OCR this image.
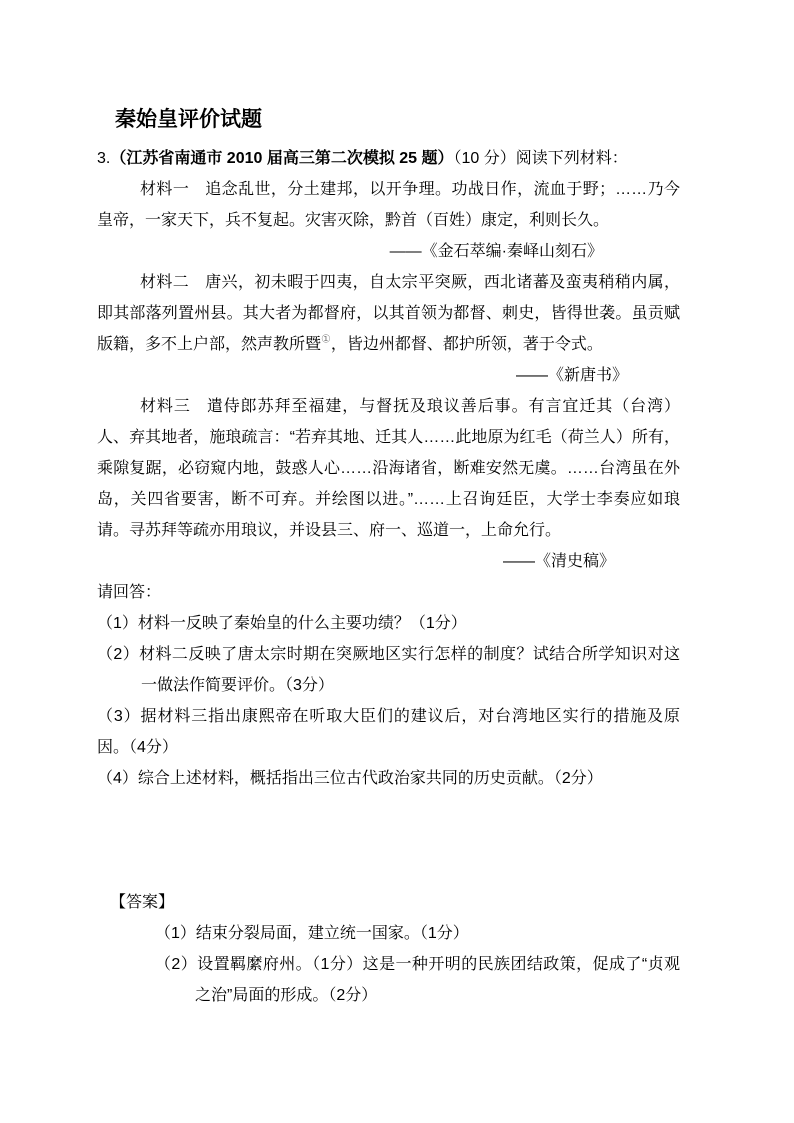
秦始皇评价试题

3.（江苏省南通市 2010 届高三第二次模拟 25 题）（10 分）阅读下列材料：

材料一 追念乱世，分土建邦，以开争理。功战日作，流血于野；……乃今皇帝，一家天下，兵不复起。灾害灭除，黔首（百姓）康定，利则长久。

——《金石萃编·秦峄山刻石》

材料二 唐兴，初未暇于四夷，自太宗平突厥，西北诸蕃及蛮夷稍稍内属，即其部落列置州县。其大者为都督府，以其首领为都督、刺史，皆得世袭。虽贡赋版籍，多不上户部，然声教所暨①，皆边州都督、都护所领，著于令式。

——《新唐书》

材料三 遣侍郎苏拜至福建，与督抚及琅议善后事。有言宜迁其（台湾）人、弃其地者，施琅疏言：“若弃其地、迁其人……此地原为红毛（荷兰人）所有，乘隙复踞，必窃窥内地，鼓惑人心……沿海诸省，断难安然无虞。……台湾虽在外岛，关四省要害，断不可弃。并绘图以进。”……上召询廷臣，大学士李奏应如琅请。寻苏拜等疏亦用琅议，并设县三、府一、巡道一，上命允行。

——《清史稿》

请回答：

（1）材料一反映了秦始皇的什么主要功绩？（1分）

（2）材料二反映了唐太宗时期在突厥地区实行怎样的制度？试结合所学知识对这一做法作简要评价。（3分）

（3）据材料三指出康熙帝在听取大臣们的建议后，对台湾地区实行的措施及原因。（4分）

（4）综合上述材料，概括指出三位古代政治家共同的历史贡献。（2分）

【答案】

（1）结束分裂局面，建立统一国家。（1分）

（2）设置羁縻府州。（1分）这是一种开明的民族团结政策，促成了“贞观之治”局面的形成。（2分）
